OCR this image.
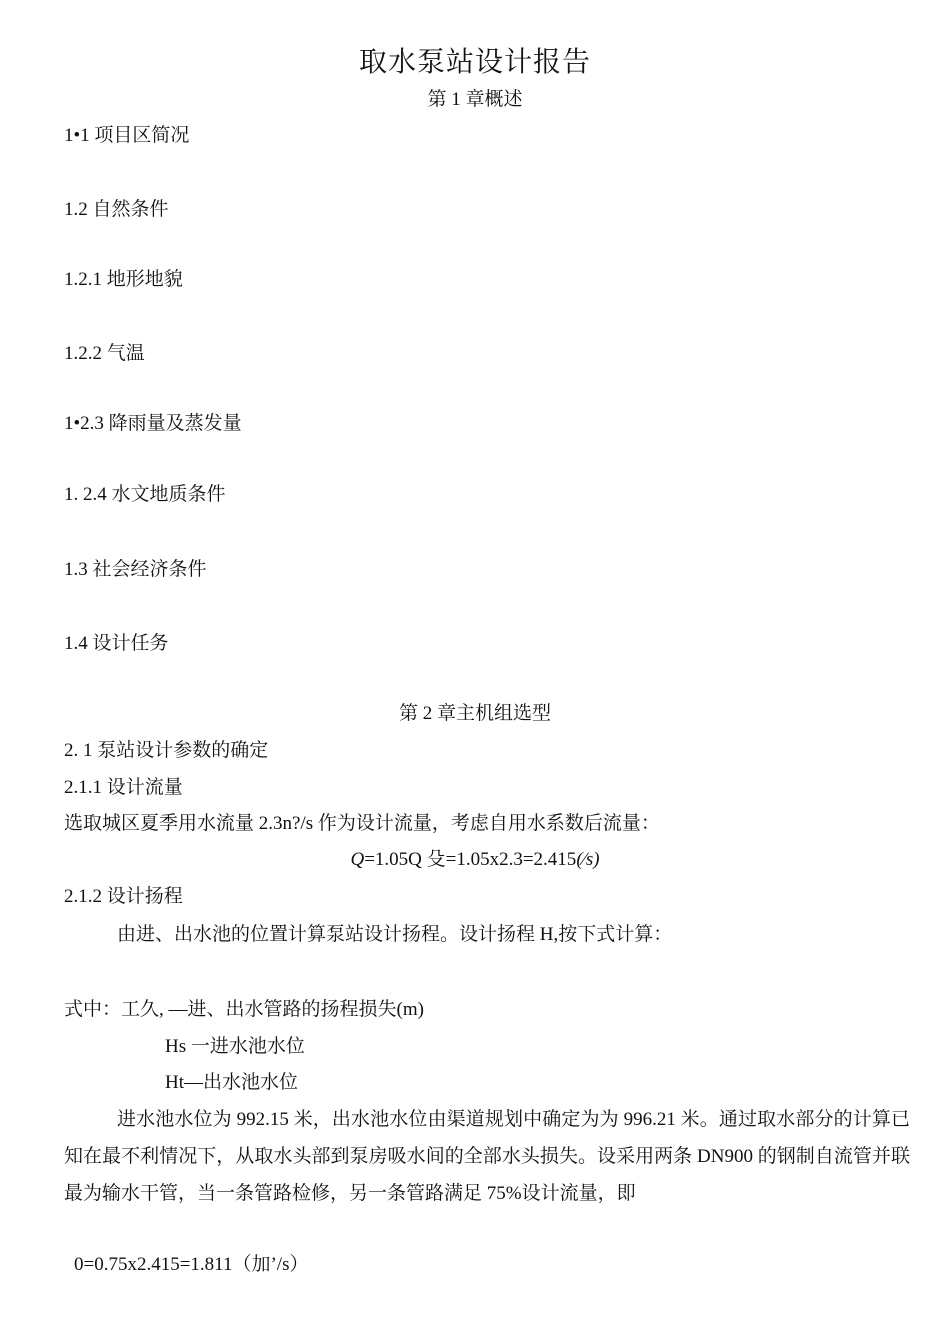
取水泵站设计报告
第 1 章概述
1•1 项目区简况
1.2 自然条件
1.2.1 地形地貌
1.2.2 气温
1•2.3 降雨量及蒸发量
1. 2.4 水文地质条件
1.3 社会经济条件
1.4 设计任务
第 2 章主机组选型
2. 1 泵站设计参数的确定
2.1.1 设计流量
选取城区夏季用水流量 2.3n?/s 作为设计流量，考虑自用水系数后流量：
Q=1.05Q 殳=1.05x2.3=2.415(∕s)
2.1.2 设计扬程
由进、出水池的位置计算泵站设计扬程。设计扬程 H,按下式计算：
式中：工久, —进、出水管路的扬程损失(m)
Hs 一进水池水位
Ht—出水池水位
进水池水位为 992.15 米，出水池水位由渠道规划中确定为为 996.21 米。通过取水部分的计算已知在最不利情况下，从取水头部到泵房吸水间的全部水头损失。设采用两条 DN900 的钢制自流管并联最为输水干管，当一条管路检修，另一条管路满足 75%设计流量，即
0=0.75x2.415=1.811（加’/s）
